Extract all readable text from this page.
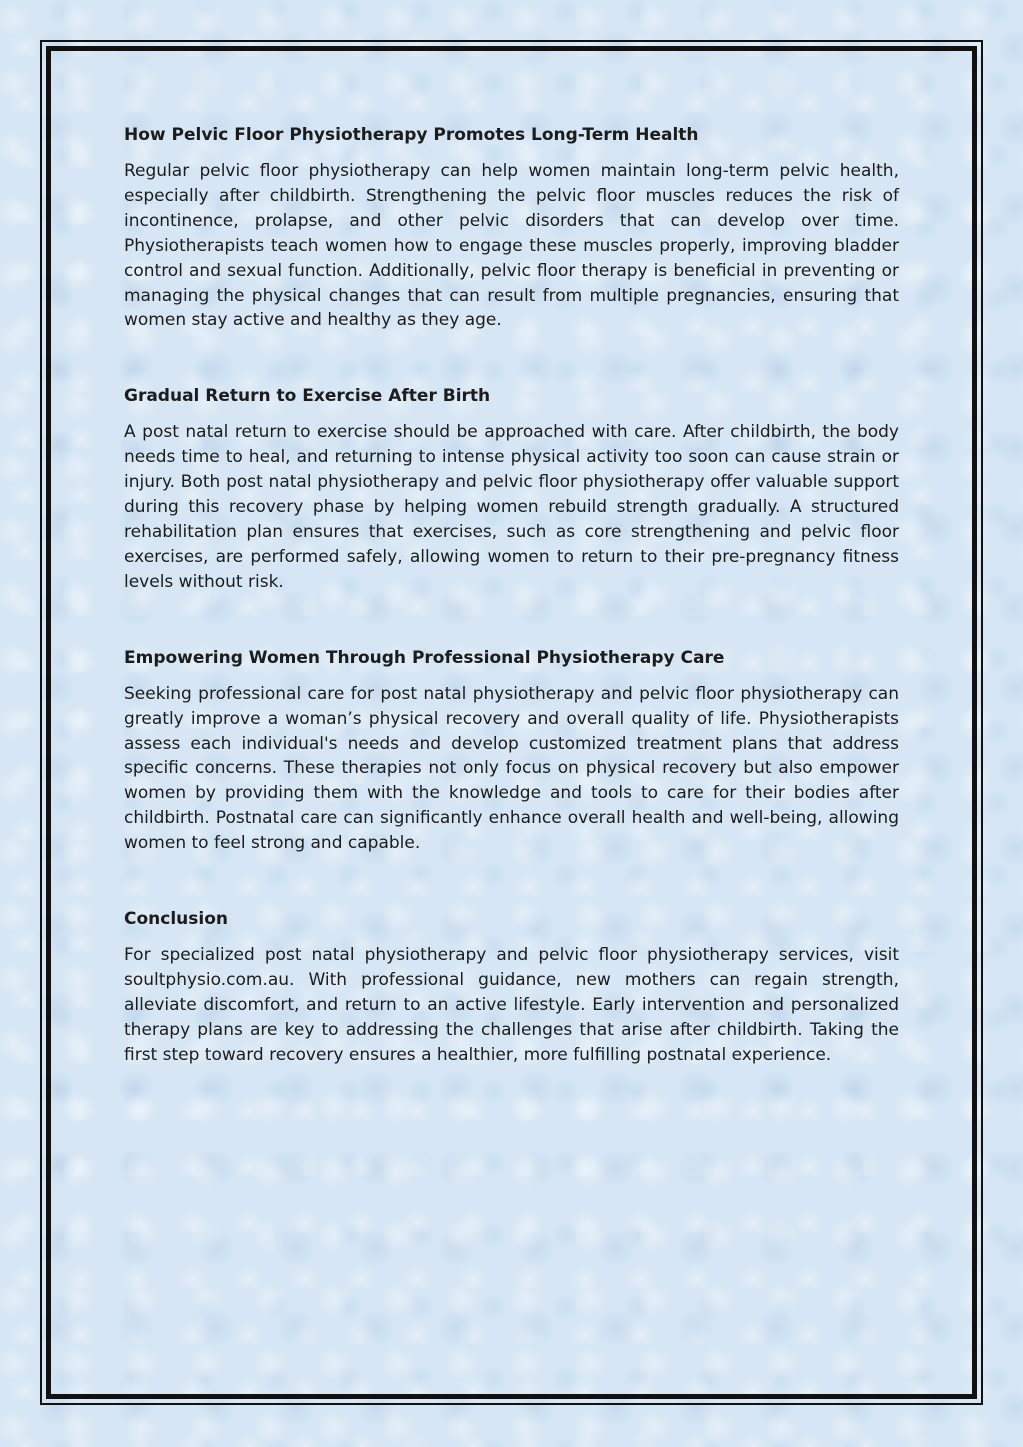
How Pelvic Floor Physiotherapy Promotes Long-Term Health

Regular pelvic floor physiotherapy can help women maintain long-term pelvic health, especially after childbirth. Strengthening the pelvic floor muscles reduces the risk of incontinence, prolapse, and other pelvic disorders that can develop over time. Physiotherapists teach women how to engage these muscles properly, improving bladder control and sexual function. Additionally, pelvic floor therapy is beneficial in preventing or managing the physical changes that can result from multiple pregnancies, ensuring that women stay active and healthy as they age.

Gradual Return to Exercise After Birth

A post natal return to exercise should be approached with care. After childbirth, the body needs time to heal, and returning to intense physical activity too soon can cause strain or injury. Both post natal physiotherapy and pelvic floor physiotherapy offer valuable support during this recovery phase by helping women rebuild strength gradually. A structured rehabilitation plan ensures that exercises, such as core strengthening and pelvic floor exercises, are performed safely, allowing women to return to their pre-pregnancy fitness levels without risk.

Empowering Women Through Professional Physiotherapy Care

Seeking professional care for post natal physiotherapy and pelvic floor physiotherapy can greatly improve a woman’s physical recovery and overall quality of life. Physiotherapists assess each individual's needs and develop customized treatment plans that address specific concerns. These therapies not only focus on physical recovery but also empower women by providing them with the knowledge and tools to care for their bodies after childbirth. Postnatal care can significantly enhance overall health and well-being, allowing women to feel strong and capable.

Conclusion

For specialized post natal physiotherapy and pelvic floor physiotherapy services, visit soultphysio.com.au. With professional guidance, new mothers can regain strength, alleviate discomfort, and return to an active lifestyle. Early intervention and personalized therapy plans are key to addressing the challenges that arise after childbirth. Taking the first step toward recovery ensures a healthier, more fulfilling postnatal experience.
